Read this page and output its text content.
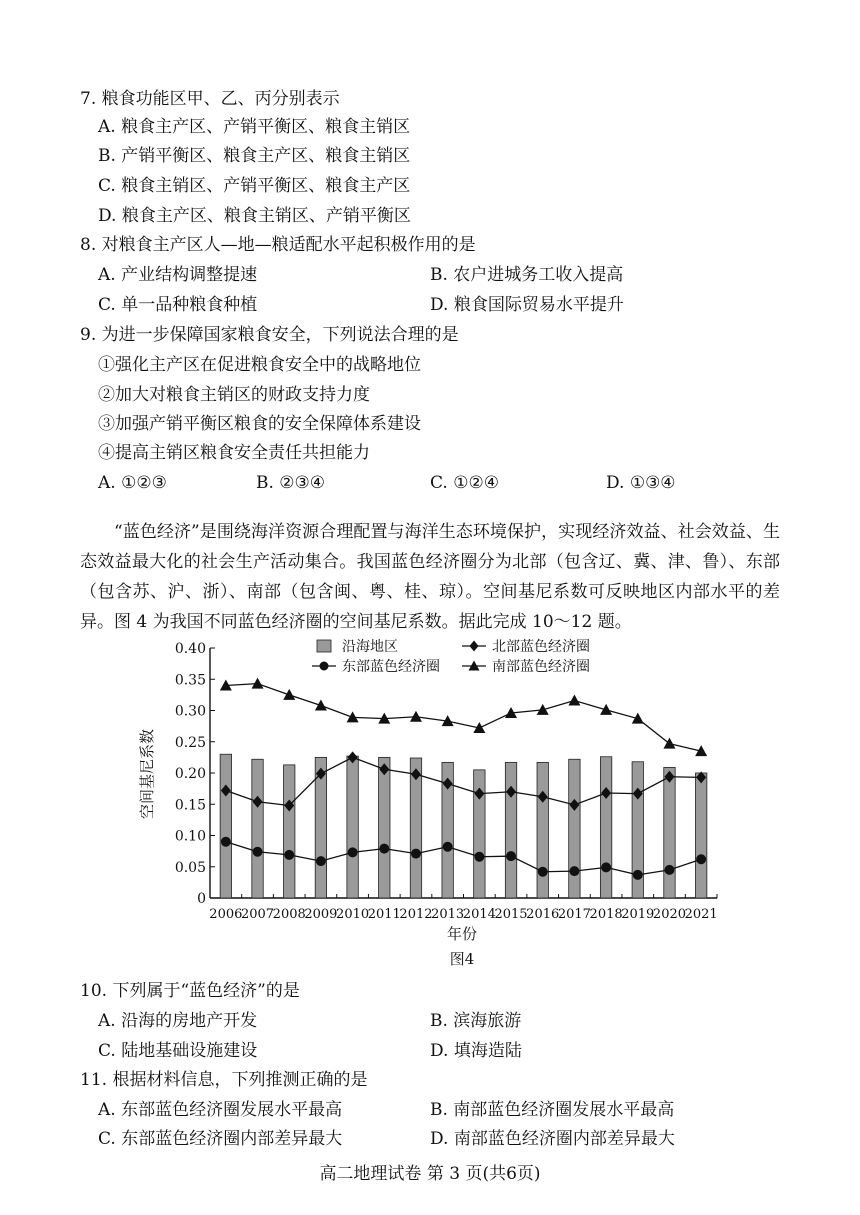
7. 粮食功能区甲、乙、丙分别表示
A. 粮食主产区、产销平衡区、粮食主销区
B. 产销平衡区、粮食主产区、粮食主销区
C. 粮食主销区、产销平衡区、粮食主产区
D. 粮食主产区、粮食主销区、产销平衡区
8. 对粮食主产区人—地—粮适配水平起积极作用的是
A. 产业结构调整提速	B. 农户进城务工收入提高
C. 单一品种粮食种植	D. 粮食国际贸易水平提升
9. 为进一步保障国家粮食安全，下列说法合理的是
①强化主产区在促进粮食安全中的战略地位
②加大对粮食主销区的财政支持力度
③加强产销平衡区粮食的安全保障体系建设
④提高主销区粮食安全责任共担能力
A. ①②③	B. ②③④	C. ①②④	D. ①③④
“蓝色经济”是围绕海洋资源合理配置与海洋生态环境保护，实现经济效益、社会效益、生态效益最大化的社会生产活动集合。我国蓝色经济圈分为北部（包含辽、冀、津、鲁）、东部（包含苏、沪、浙）、南部（包含闽、粤、桂、琼）。空间基尼系数可反映地区内部水平的差异。图 4 为我国不同蓝色经济圈的空间基尼系数。据此完成 10～12 题。
0
0.05
0.10
0.15
0.20
0.25
0.30
0.35
0.40
2006
2007
2008
2009
2010
2011
2012
2013
2014
2015
2016
2017
2018
2019
2020
2021
沿海地区	北部蓝色经济圈
东部蓝色经济圈	南部蓝色经济圈
空间基尼系数
年份
图4
10. 下列属于“蓝色经济”的是
A. 沿海的房地产开发	B. 滨海旅游
C. 陆地基础设施建设	D. 填海造陆
11. 根据材料信息，下列推测正确的是
A. 东部蓝色经济圈发展水平最高	B. 南部蓝色经济圈发展水平最高
C. 东部蓝色经济圈内部差异最大	D. 南部蓝色经济圈内部差异最大
高二地理试卷 第 3 页(共6页)
